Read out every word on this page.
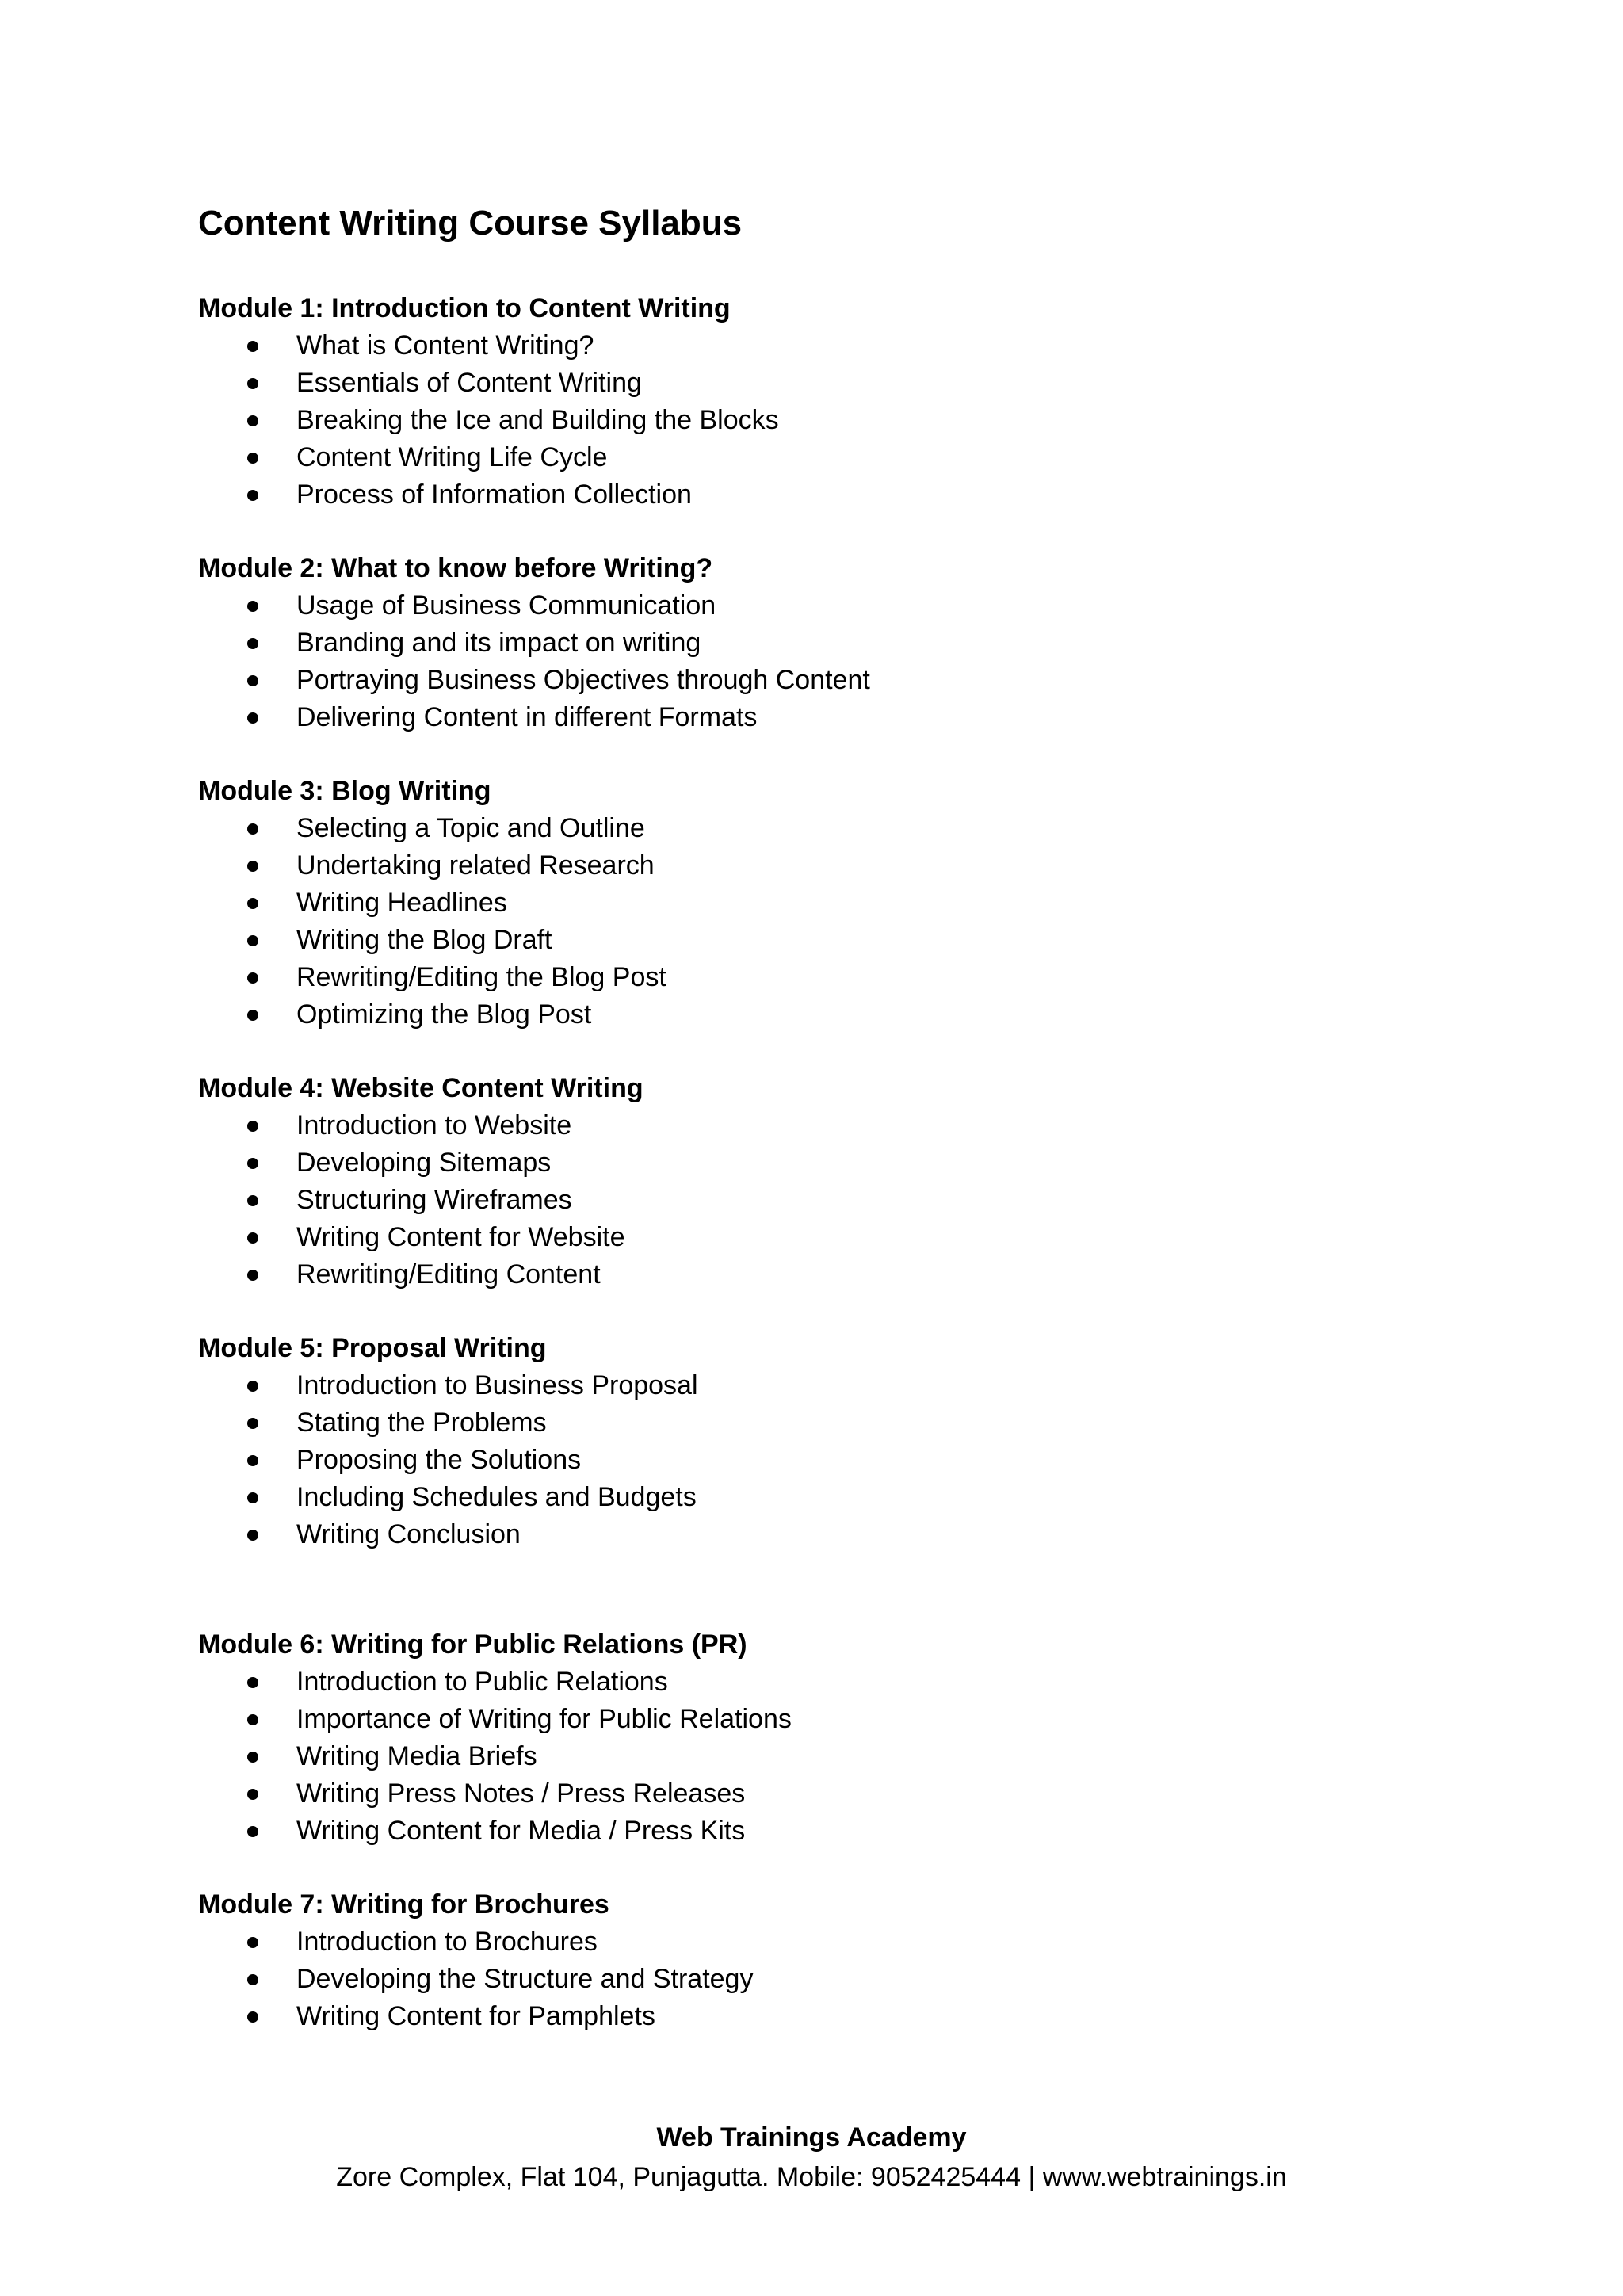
Content Writing Course Syllabus
Module 1: Introduction to Content Writing
What is Content Writing?
Essentials of Content Writing
Breaking the Ice and Building the Blocks
Content Writing Life Cycle
Process of Information Collection
Module 2: What to know before Writing?
Usage of Business Communication
Branding and its impact on writing
Portraying Business Objectives through Content
Delivering Content in different Formats
Module 3: Blog Writing
Selecting a Topic and Outline
Undertaking related Research
Writing Headlines
Writing the Blog Draft
Rewriting/Editing the Blog Post
Optimizing the Blog Post
Module 4: Website Content Writing
Introduction to Website
Developing Sitemaps
Structuring Wireframes
Writing Content for Website
Rewriting/Editing Content
Module 5: Proposal Writing
Introduction to Business Proposal
Stating the Problems
Proposing the Solutions
Including Schedules and Budgets
Writing Conclusion
Module 6: Writing for Public Relations (PR)
Introduction to Public Relations
Importance of Writing for Public Relations
Writing Media Briefs
Writing Press Notes / Press Releases
Writing Content for Media / Press Kits
Module 7: Writing for Brochures
Introduction to Brochures
Developing the Structure and Strategy
Writing Content for Pamphlets
Web Trainings Academy
Zore Complex, Flat 104, Punjagutta. Mobile: 9052425444 | www.webtrainings.in
